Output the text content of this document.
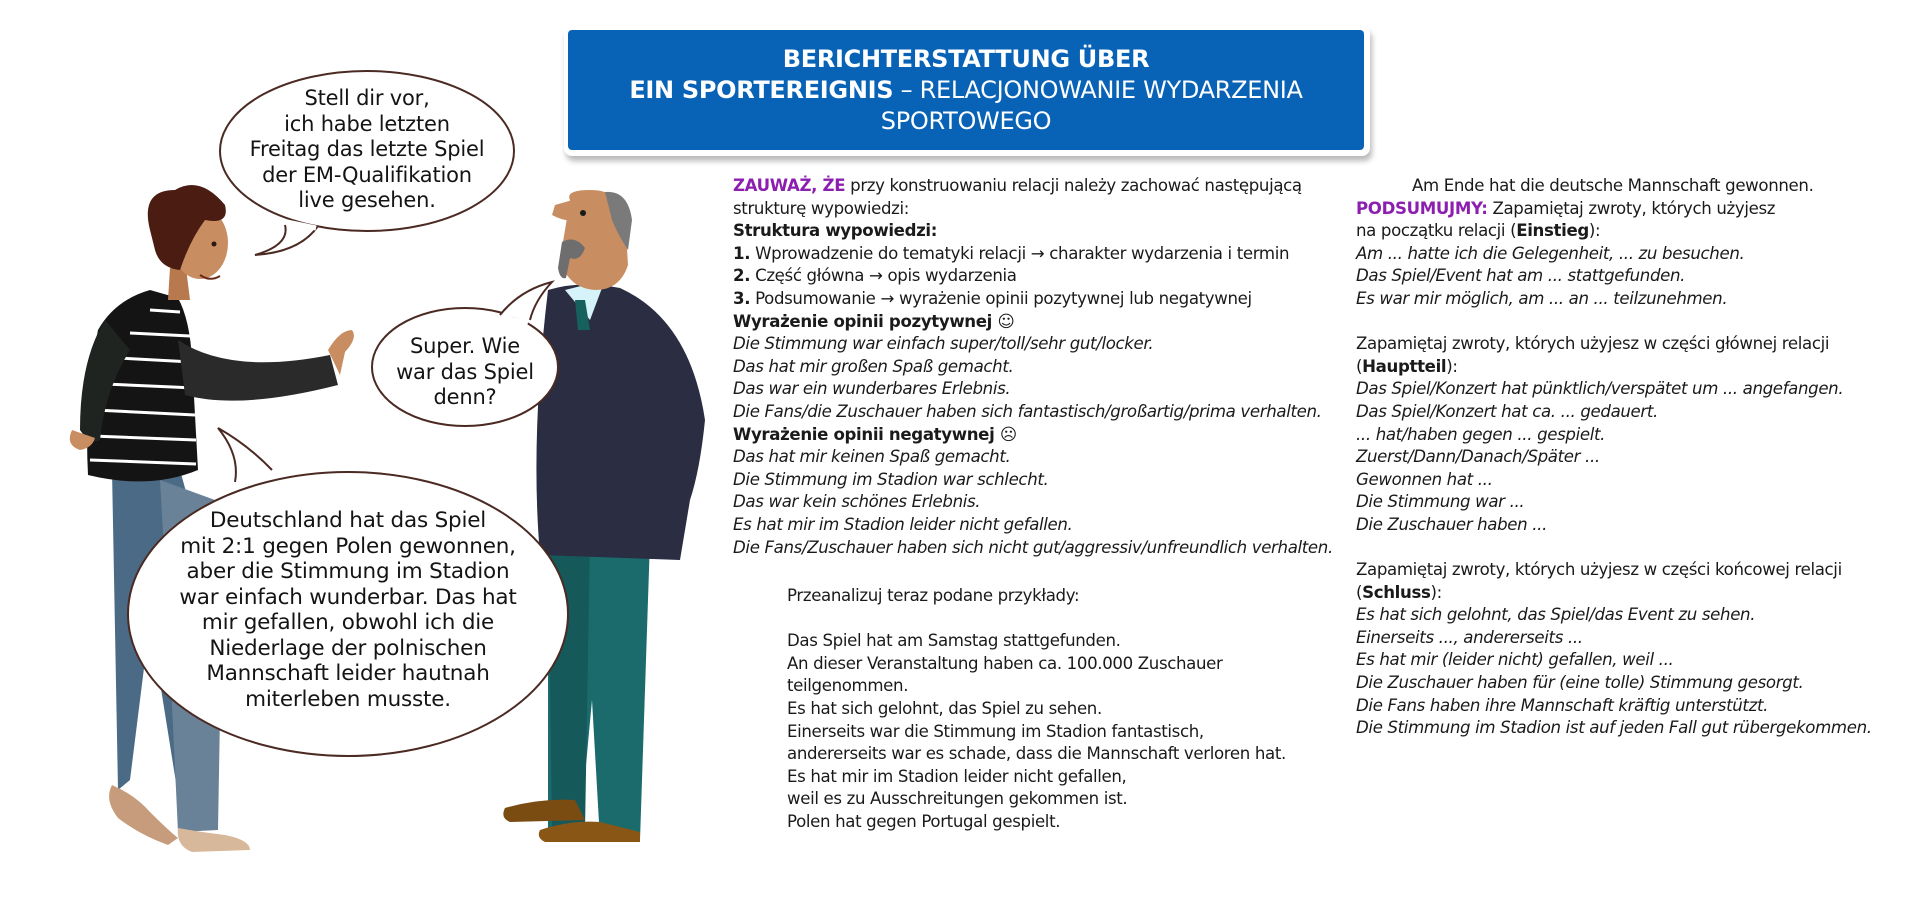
Stell dir vor,
ich habe letzten
Freitag das letzte Spiel
der EM-Qualifikation
live gesehen.
Super. Wie
war das Spiel
denn?
Deutschland hat das Spiel
mit 2:1 gegen Polen gewonnen,
aber die Stimmung im Stadion
war einfach wunderbar. Das hat
mir gefallen, obwohl ich die
Niederlage der polnischen
Mannschaft leider hautnah
miterleben musste.
BERICHTERSTATTUNG ÜBER
EIN SPORTEREIGNIS – RELACJONOWANIE WYDARZENIA
SPORTOWEGO
ZAUWAŻ, ŻE przy konstruowaniu relacji należy zachować następującą
strukturę wypowiedzi:
Struktura wypowiedzi:
1. Wprowadzenie do tematyki relacji → charakter wydarzenia i termin
2. Część główna → opis wydarzenia
3. Podsumowanie → wyrażenie opinii pozytywnej lub negatywnej
Wyrażenie opinii pozytywnej ☺
Die Stimmung war einfach super/toll/sehr gut/locker.
Das hat mir großen Spaß gemacht.
Das war ein wunderbares Erlebnis.
Die Fans/die Zuschauer haben sich fantastisch/großartig/prima verhalten.
Wyrażenie opinii negatywnej ☹
Das hat mir keinen Spaß gemacht.
Die Stimmung im Stadion war schlecht.
Das war kein schönes Erlebnis.
Es hat mir im Stadion leider nicht gefallen.
Die Fans/Zuschauer haben sich nicht gut/aggressiv/unfreundlich verhalten.
Przeanalizuj teraz podane przykłady:
Das Spiel hat am Samstag stattgefunden.
An dieser Veranstaltung haben ca. 100.000 Zuschauer
teilgenommen.
Es hat sich gelohnt, das Spiel zu sehen.
Einerseits war die Stimmung im Stadion fantastisch,
andererseits war es schade, dass die Mannschaft verloren hat.
Es hat mir im Stadion leider nicht gefallen,
weil es zu Ausschreitungen gekommen ist.
Polen hat gegen Portugal gespielt.
Am Ende hat die deutsche Mannschaft gewonnen.
PODSUMUJMY: Zapamiętaj zwroty, których użyjesz
na początku relacji (Einstieg):
Am ... hatte ich die Gelegenheit, ... zu besuchen.
Das Spiel/Event hat am ... stattgefunden.
Es war mir möglich, am ... an ... teilzunehmen.
Zapamiętaj zwroty, których użyjesz w części głównej relacji
(Hauptteil):
Das Spiel/Konzert hat pünktlich/verspätet um ... angefangen.
Das Spiel/Konzert hat ca. ... gedauert.
... hat/haben gegen ... gespielt.
Zuerst/Dann/Danach/Später ...
Gewonnen hat ...
Die Stimmung war ...
Die Zuschauer haben ...
Zapamiętaj zwroty, których użyjesz w części końcowej relacji
(Schluss):
Es hat sich gelohnt, das Spiel/das Event zu sehen.
Einerseits ..., andererseits ...
Es hat mir (leider nicht) gefallen, weil ...
Die Zuschauer haben für (eine tolle) Stimmung gesorgt.
Die Fans haben ihre Mannschaft kräftig unterstützt.
Die Stimmung im Stadion ist auf jeden Fall gut rübergekommen.
